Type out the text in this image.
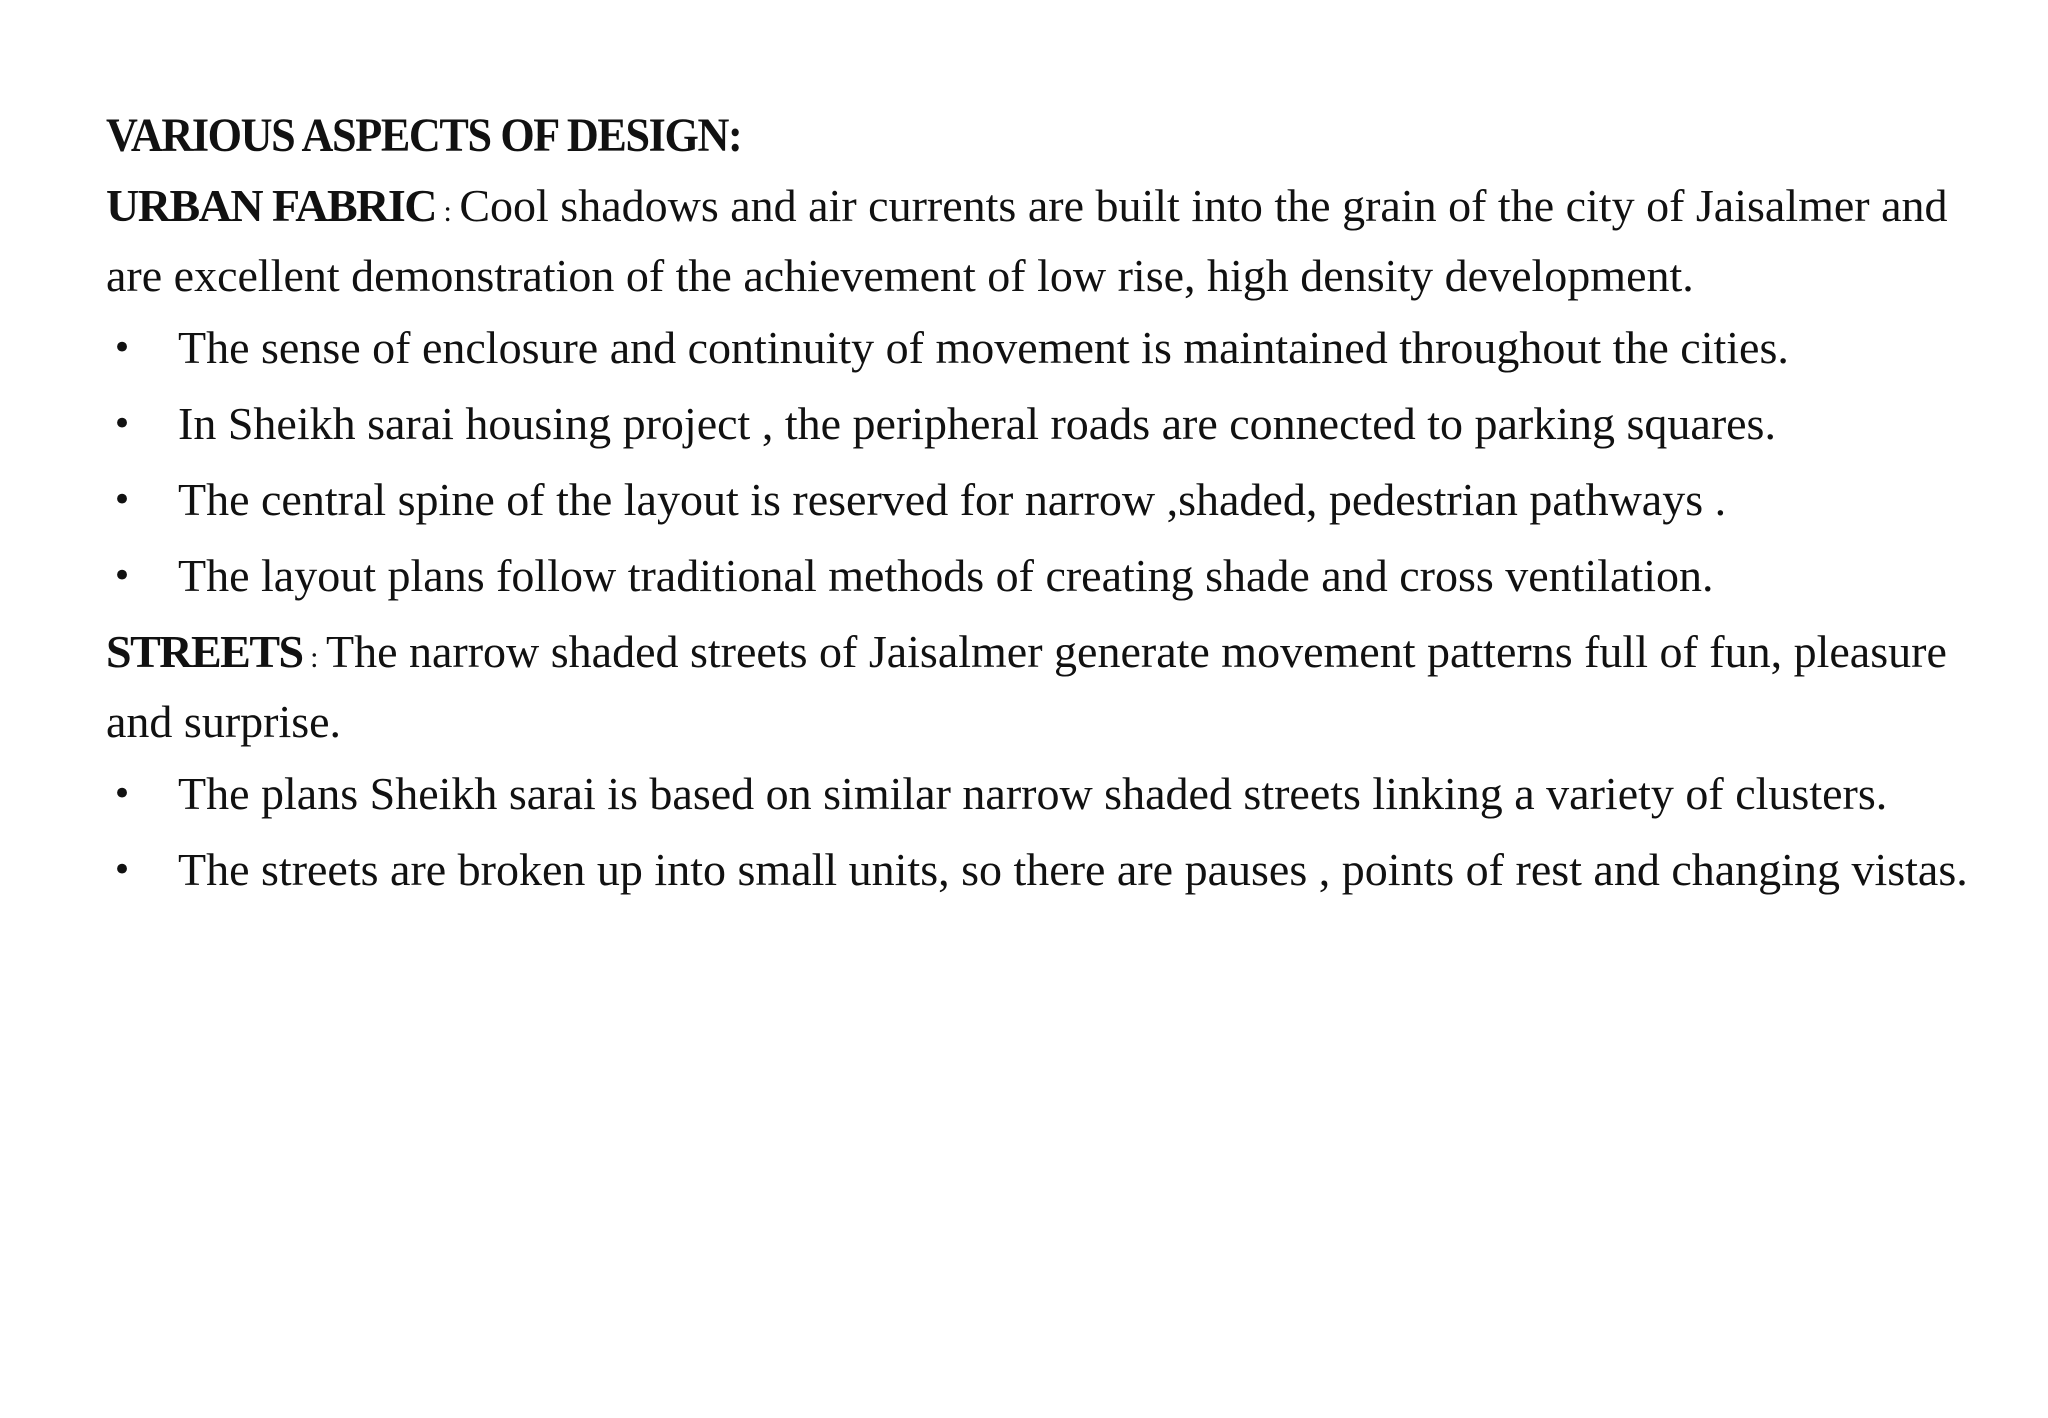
VARIOUS ASPECTS OF DESIGN:

URBAN FABRIC : Cool shadows and air currents are built into the grain of the city of Jaisalmer and are excellent demonstration of the achievement of low rise, high density development.

• The sense of enclosure and continuity of movement is maintained throughout the cities.
• In Sheikh sarai housing project , the peripheral roads are connected to parking squares.
• The central spine of the layout is reserved for narrow ,shaded, pedestrian pathways .
• The layout plans follow traditional methods of creating shade and cross ventilation.

STREETS : The narrow shaded streets of Jaisalmer generate movement patterns full of fun, pleasure and surprise.

• The plans Sheikh sarai is based on similar narrow shaded streets linking a variety of clusters.
• The streets are broken up into small units, so there are pauses , points of rest and changing vistas.
